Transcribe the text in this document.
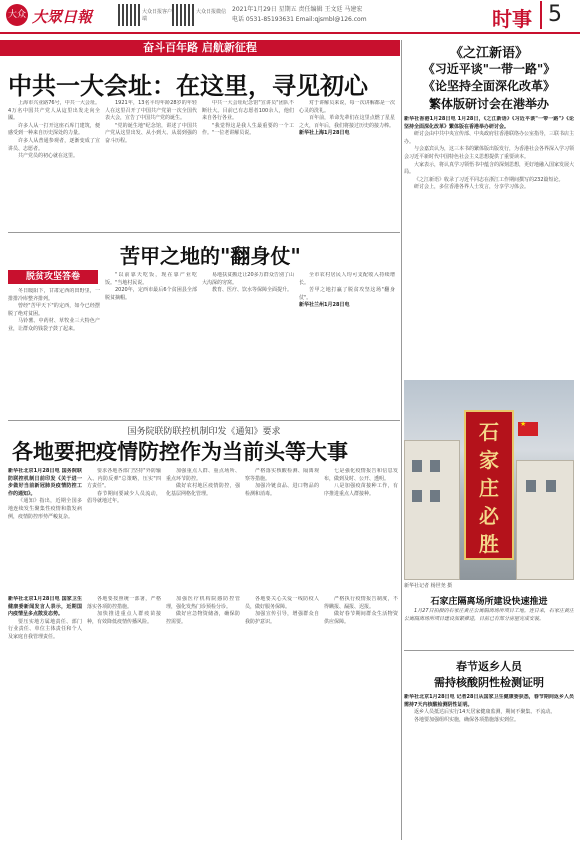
大众 大眾日報	大众日报客户端
大众日报微信 2021年1月29日 星期五 责任编辑 王文廷 马建宏
电话 0531-85193631 Email:qjsmbl@126.com	时事 5
奋斗百年路 启航新征程
中共一大会址：在这里，寻见初心

上海市兴业路76号，中共一大会址。4万名中国共产党人从這里出发走向全國。

许多人从一打开这座石库门建筑，便感受到一种来自历史深处的力量。

许多人从普通参观者，逐渐变成了宣讲员、志愿者。

共产党员的初心就在这里。

1921年，13名平均年龄28岁的年轻人在这里召开了中国共产党第一次全国代表大会，宣告了中国共产党的诞生。

"党的诞生地"纪念馆，讲述了中国共产党从这里出发、从小到大、从弱到强的奋斗历程。

中共一大会址纪念馆"宣讲员"团队不断壮大。目前已有志愿者100余人，他们来自各行各业。

"我觉得这是我人生最重要的一个工作。"一位老讲解员说。

对于讲解员来说，每一次讲解都是一次心灵的洗礼。

百年前，革命先辈们在这里点燃了星星之火，百年后，我们将接过历史的接力棒。

新华社上海1月28日电

苦甲之地的"翻身仗"
脱贫攻坚答卷

冬日暖阳下，甘肃定西的田野里，一排排冷库整齐排列。

曾经"苦甲天下"的定西，如今已经摆脱了绝对贫困。

马铃薯、中药材、草牧业三大特色产业，让群众的钱袋子鼓了起来。

"以前靠天吃饭，现在靠产业吃饭。"当地村民说。

2020年，定西市最后6个贫困县全部脱贫摘帽。

易地扶贫搬迁让20多万群众告别了山大沟深的穷窝。

教育、医疗、饮水等保障全面提升。

全市农村居民人均可支配收入持续增长。

苦甲之地打赢了脱贫攻坚这场"翻身仗"。

新华社兰州1月28日电

国务院联防联控机制印发《通知》要求
各地要把疫情防控作为当前头等大事

新华社北京1月28日电 国务院联防联控机制日前印发《关于进一步做好当前新冠肺炎疫情防控工作的通知》。

《通知》指出，近期全国多地连续发生聚集性疫情和散发病例，疫情防控形势严峻复杂。

要求各地各部门坚持"外防输入、内防反弹"总策略，压实"四方责任"。

春节期间要减少人员流动，倡导就地过年。

加强重点人群、重点场所、重点环节防控。

做好农村地区疫情防控，强化基层网格化管理。

严格落实核酸检测、隔离观察等措施。

加强冷链食品、进口物品的检测和消毒。

七是强化疫情报告和信息发布，做到及时、公开、透明。

八是加强疫苗接种工作，有序推进重点人群接种。

新华社北京1月28日电 国家卫生健康委新闻发言人表示，近期国内疫情呈多点散发态势。

要压实地方属地责任、部门行业责任、单位主体责任和个人及家庭自我管理责任。

各地要按照统一部署，严格落实各项防控措施。

加快推进重点人群疫苗接种，有效降低疫情传播风险。

加强医疗机构院感防控管理，强化发热门诊预检分诊。

做好应急物资储备，确保防控需要。

各地要关心关爱一线防疫人员，做好服务保障。

加强宣传引导，增强群众自我防护意识。

严格执行疫情报告制度，不得瞒报、漏报、迟报。

做好春节期间群众生活物资供应保障。

《之江新语》
《习近平谈"一带一路"》
《论坚持全面深化改革》
繁体版研讨会在港举办

新华社香港1月28日电 1月28日，《之江新语》《习近平谈"一带一路"》《论坚持全面深化改革》繁体版在香港举办研讨会。

研讨会由中共中央宣传部、中央政府驻香港联络办公室指导，三联书店主办。

与会嘉宾认为，这三本书的繁体版出版发行，为香港社会各界深入学习领会习近平新时代中国特色社会主义思想提供了重要读本。

大家表示，将认真学习领悟书中蕴含的深刻思想，更好地融入国家发展大局。

《之江新语》收录了习近平同志在浙江工作期间撰写的232篇短论。

研讨会上，多位香港各界人士发言，分享学习体会。

石
家
庄
必
胜
★
新华社记者 杨世尧 摄
石家庄隔离场所建设快速推进

1月27日拍摄的石家庄黄庄公寓隔离场所项目工地。连日来，石家庄黄庄公寓隔离场所项目建设加紧推进，目前已有部分房屋完成安装。

春节返乡人员
需持核酸阴性检测证明

新华社北京1月28日电 记者28日从国家卫生健康委获悉，春节期间返乡人员需持7天内核酸检测阴性证明。

返乡人员抵达后实行14天居家健康监测，期间不聚集、不流动。

各地要加强组织实施，确保各项措施落实到位。
